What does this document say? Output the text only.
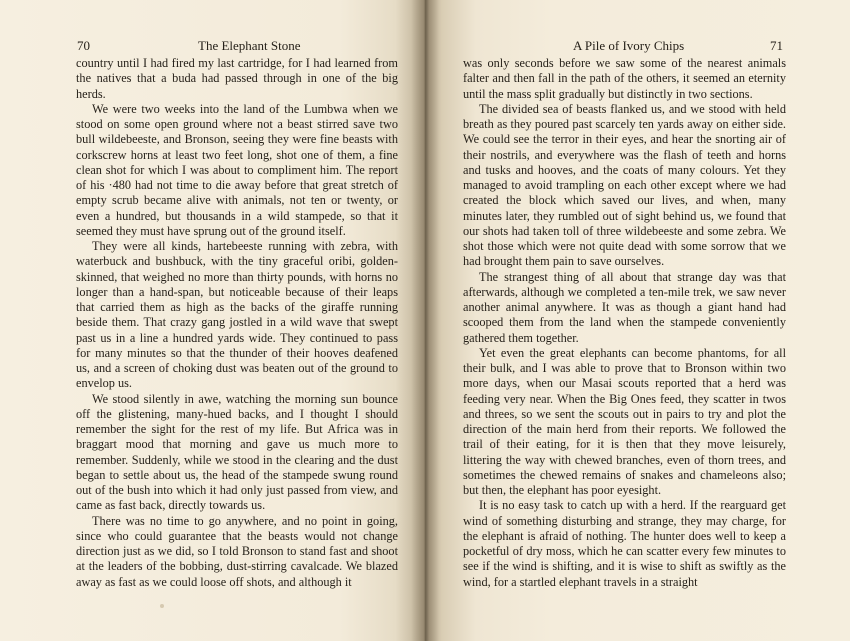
70	The Elephant Stone

country until I had fired my last cartridge, for I had learned from the natives that a buda had passed through in one of the big herds.

We were two weeks into the land of the Lumbwa when we stood on some open ground where not a beast stirred save two bull wildebeeste, and Bronson, seeing they were fine beasts with corkscrew horns at least two feet long, shot one of them, a fine clean shot for which I was about to compliment him. The report of his ·480 had not time to die away before that great stretch of empty scrub became alive with animals, not ten or twenty, or even a hundred, but thousands in a wild stampede, so that it seemed they must have sprung out of the ground itself.

They were all kinds, hartebeeste running with zebra, with waterbuck and bushbuck, with the tiny graceful oribi, golden-skinned, that weighed no more than thirty pounds, with horns no longer than a hand-span, but noticeable because of their leaps that carried them as high as the backs of the giraffe running beside them. That crazy gang jostled in a wild wave that swept past us in a line a hundred yards wide. They continued to pass for many minutes so that the thunder of their hooves deafened us, and a screen of choking dust was beaten out of the ground to envelop us.

We stood silently in awe, watching the morning sun bounce off the glistening, many-hued backs, and I thought I should remember the sight for the rest of my life. But Africa was in braggart mood that morning and gave us much more to remember. Suddenly, while we stood in the clearing and the dust began to settle about us, the head of the stampede swung round out of the bush into which it had only just passed from view, and came as fast back, directly towards us.

There was no time to go anywhere, and no point in going, since who could guarantee that the beasts would not change direction just as we did, so I told Bronson to stand fast and shoot at the leaders of the bobbing, dust-stirring cavalcade. We blazed away as fast as we could loose off shots, and although it

A Pile of Ivory Chips	71

was only seconds before we saw some of the nearest animals falter and then fall in the path of the others, it seemed an eternity until the mass split gradually but distinctly in two sections.

The divided sea of beasts flanked us, and we stood with held breath as they poured past scarcely ten yards away on either side. We could see the terror in their eyes, and hear the snorting air of their nostrils, and everywhere was the flash of teeth and horns and tusks and hooves, and the coats of many colours. Yet they managed to avoid trampling on each other except where we had created the block which saved our lives, and when, many minutes later, they rumbled out of sight behind us, we found that our shots had taken toll of three wildebeeste and some zebra. We shot those which were not quite dead with some sorrow that we had brought them pain to save ourselves.

The strangest thing of all about that strange day was that afterwards, although we completed a ten-mile trek, we saw never another animal anywhere. It was as though a giant hand had scooped them from the land when the stampede conveniently gathered them together.

Yet even the great elephants can become phantoms, for all their bulk, and I was able to prove that to Bronson within two more days, when our Masai scouts reported that a herd was feeding very near. When the Big Ones feed, they scatter in twos and threes, so we sent the scouts out in pairs to try and plot the direction of the main herd from their reports. We followed the trail of their eating, for it is then that they move leisurely, littering the way with chewed branches, even of thorn trees, and sometimes the chewed remains of snakes and chameleons also; but then, the elephant has poor eyesight.

It is no easy task to catch up with a herd. If the rearguard get wind of something disturbing and strange, they may charge, for the elephant is afraid of nothing. The hunter does well to keep a pocketful of dry moss, which he can scatter every few minutes to see if the wind is shifting, and it is wise to shift as swiftly as the wind, for a startled elephant travels in a straight
